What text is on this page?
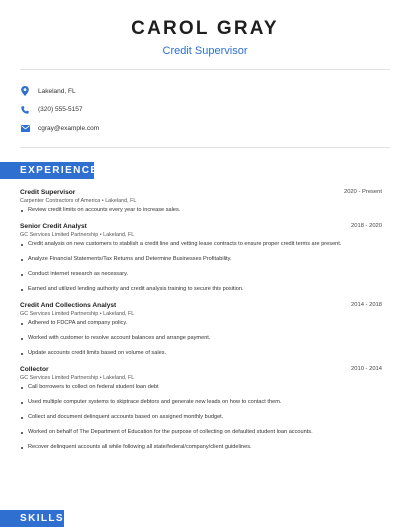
CAROL GRAY
Credit Supervisor
Lakeland, FL
(320) 555-5157
cgray@example.com
EXPERIENCE
Credit Supervisor	2020 - Present
Carpenter Contractors of America • Lakeland, FL
Review credit limits on accounts every year to increase sales.
Senior Credit Analyst	2018 - 2020
GC Services Limited Partnership • Lakeland, FL
Credit analysis on new customers to stablish a credit line and vetting lease contracts to ensure proper credit terms are present.
Analyze Financial Statements/Tax Returns and Determine Businesses Profitability.
Conduct internet research as necessary.
Earned and utilized lending authority and credit analysis training to secure this position.
Credit And Collections Analyst	2014 - 2018
GC Services Limited Partnership • Lakeland, FL
Adhered to FDCPA and company policy.
Worked with customer to resolve account balances and arrange payment.
Update accounts credit limits based on volume of sales.
Collector	2010 - 2014
GC Services Limited Partnership • Lakeland, FL
Call borrowers to collect on federal student loan debt
Used multiple computer systems to skiptrace debtors and generate new leads on how to contact them.
Collect and document delinquent accounts based on assigned monthly budget.
Worked on behalf of The Department of Education for the purpose of collecting on defaulted student loan accounts.
Recover delinquent accounts all while following all state/federal/company/client guidelines.
SKILLS
